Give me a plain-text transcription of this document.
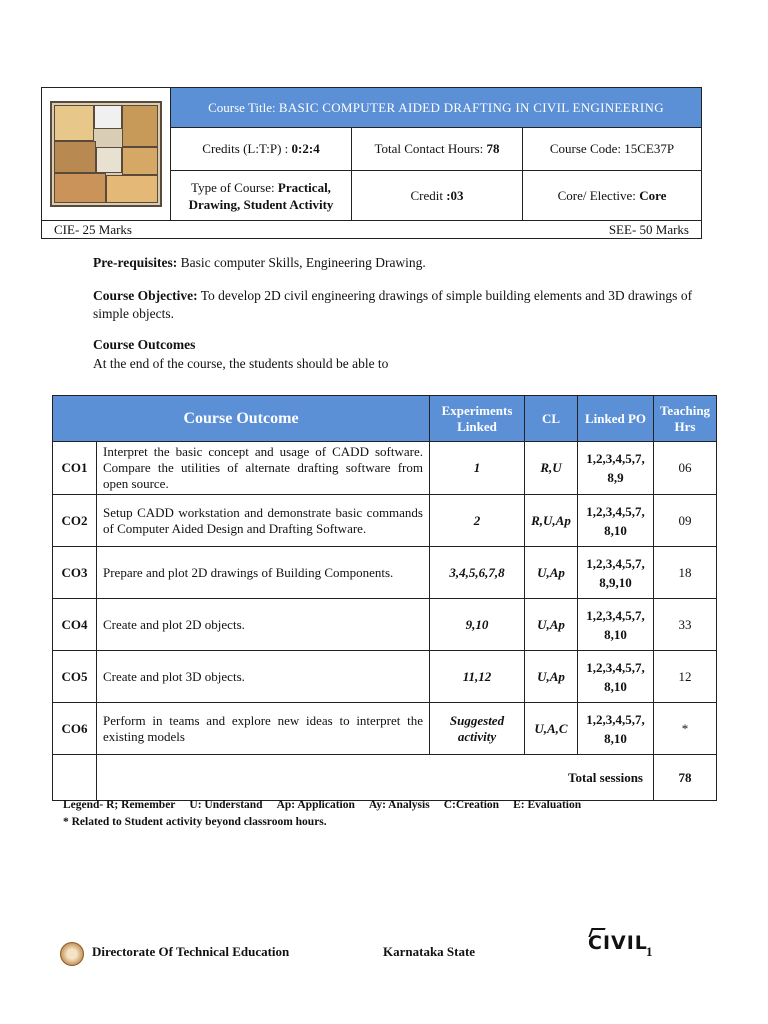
	Course Title: BASIC COMPUTER AIDED DRAFTING IN CIVIL ENGINEERING		
	Credits (L:T:P) : 0:2:4	Total Contact Hours: 78	Course Code: 15CE37P
	Type of Course: Practical, Drawing, Student Activity	Credit :03	Core/ Elective: Core
CIE- 25 Marks		SEE- 50 Marks	
Pre-requisites: Basic computer Skills, Engineering Drawing.
Course Objective: To develop 2D civil engineering drawings of simple building elements and 3D drawings of simple objects.
Course Outcomes
At the end of the course, the students should be able to
Course Outcome		Experiments Linked	CL	Linked PO	Teaching Hrs
CO1	Interpret the basic concept and usage of CADD software. Compare the utilities of alternate drafting software from open source.	1	R,U	1,2,3,4,5,7, 8,9	06
CO2	Setup CADD workstation and demonstrate basic commands of Computer Aided Design and Drafting Software.	2	R,U,Ap	1,2,3,4,5,7, 8,10	09
CO3	Prepare and plot 2D drawings of Building Components.	3,4,5,6,7,8	U,Ap	1,2,3,4,5,7, 8,9,10	18
CO4	Create and plot 2D objects.	9,10	U,Ap	1,2,3,4,5,7, 8,10	33
CO5	Create and plot 3D objects.	11,12	U,Ap	1,2,3,4,5,7, 8,10	12
CO6	Perform in teams and explore new ideas to interpret the existing models	Suggested activity	U,A,C	1,2,3,4,5,7, 8,10	*
	Total sessions				78
Legend- R; Remember U: Understand Ap: Application Ay: Analysis C:Creation E: Evaluation
* Related to Student activity beyond classroom hours.
Directorate Of Technical Education	Karnataka State	CIVIL
1
